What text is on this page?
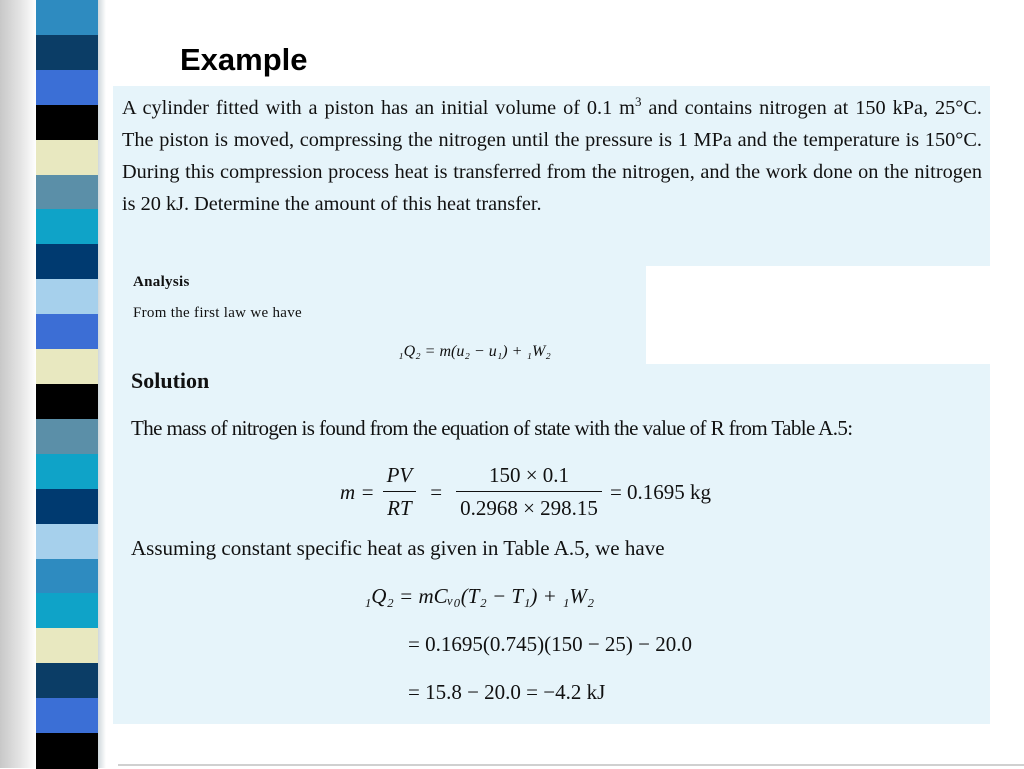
Example

A cylinder fitted with a piston has an initial volume of 0.1 $m^3$ and contains nitrogen at 150 kPa, 25°C. The piston is moved, compressing the nitrogen until the pressure is 1 MPa and the temperature is 150°C. During this compression process heat is transferred from the nitrogen, and the work done on the nitrogen is 20 kJ. Determine the amount of this heat transfer.

Analysis

From the first law we have

₁Q₂ = m(u₂ − u₁) + ₁W₂

Solution

The mass of nitrogen is found from the equation of state with the value of R from Table A.5:

$m = \frac{PV}{RT} = \frac{150 \times 0.1}{0.2968 \times 298.15} = 0.1695$ kg

Assuming constant specific heat as given in Table A.5, we have

₁Q₂ = mCᵥ₀(T₂ − T₁) + ₁W₂

= 0.1695(0.745)(150 − 25) − 20.0

= 15.8 − 20.0 = −4.2 kJ
